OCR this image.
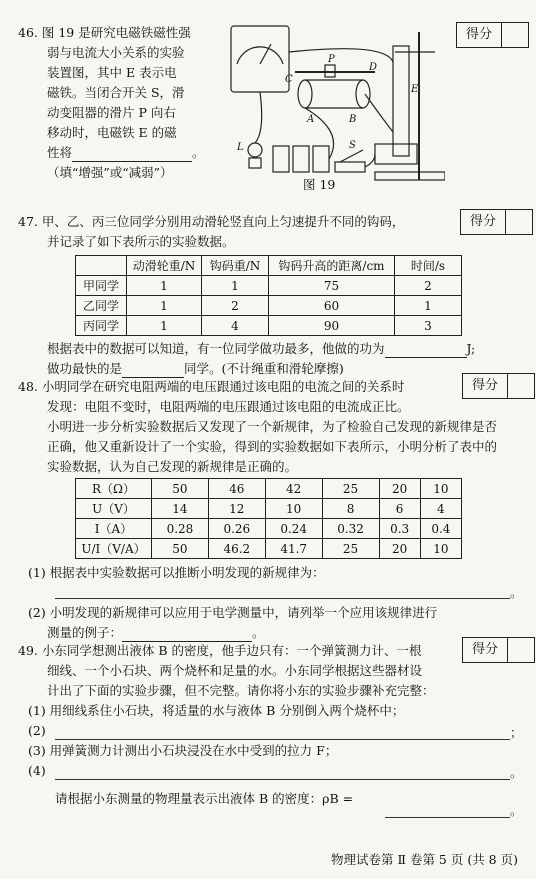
得分
得分
得分
得分
46. 图 19 是研究电磁铁磁性强
弱与电流大小关系的实验
装置图，其中 E 表示电
磁铁。当闭合开关 S，滑
动变阻器的滑片 P 向右
移动时，电磁铁 E 的磁
性将	。
（填“增强”或“减弱”）
C
P
D
A	B
E
L	S
图 19
47. 甲、乙、丙三位同学分别用动滑轮竖直向上匀速提升不同的钩码，
并记录了如下表所示的实验数据。
	动滑轮重/N	钩码重/N	钩码升高的距离/cm	时间/s
甲同学	1	1	75	2
乙同学	1	2	60	1
丙同学	1	4	90	3
根据表中的数据可以知道，有一位同学做功最多，他做的功为	J;
做功最快的是	同学。(不计绳重和滑轮摩擦)
48. 小明同学在研究电阻两端的电压跟通过该电阻的电流之间的关系时
发现：电阻不变时，电阻两端的电压跟通过该电阻的电流成正比。
小明进一步分析实验数据后又发现了一个新规律，为了检验自己发现的新规律是否
正确，他又重新设计了一个实验，得到的实验数据如下表所示，小明分析了表中的
实验数据，认为自己发现的新规律是正确的。
R（Ω）	50	46	42	25	20	10
U（V）	14	12	10	8	6	4
I（A）	0.28	0.26	0.24	0.32	0.3	0.4
U/I（V/A）	50	46.2	41.7	25	20	10
(1) 根据表中实验数据可以推断小明发现的新规律为：
。
(2) 小明发现的新规律可以应用于电学测量中，请列举一个应用该规律进行
测量的例子：	。
49. 小东同学想测出液体 B 的密度，他手边只有：一个弹簧测力计、一根
细线、一个小石块、两个烧杯和足量的水。小东同学根据这些器材设
计出了下面的实验步骤，但不完整。请你将小东的实验步骤补充完整：
(1) 用细线系住小石块，将适量的水与液体 B 分别倒入两个烧杯中；
(2)	；
(3) 用弹簧测力计测出小石块浸没在水中受到的拉力 F；
(4)	。
请根据小东测量的物理量表示出液体 B 的密度：ρB =
。
物理试卷第 Ⅱ 卷第 5 页 (共 8 页)
